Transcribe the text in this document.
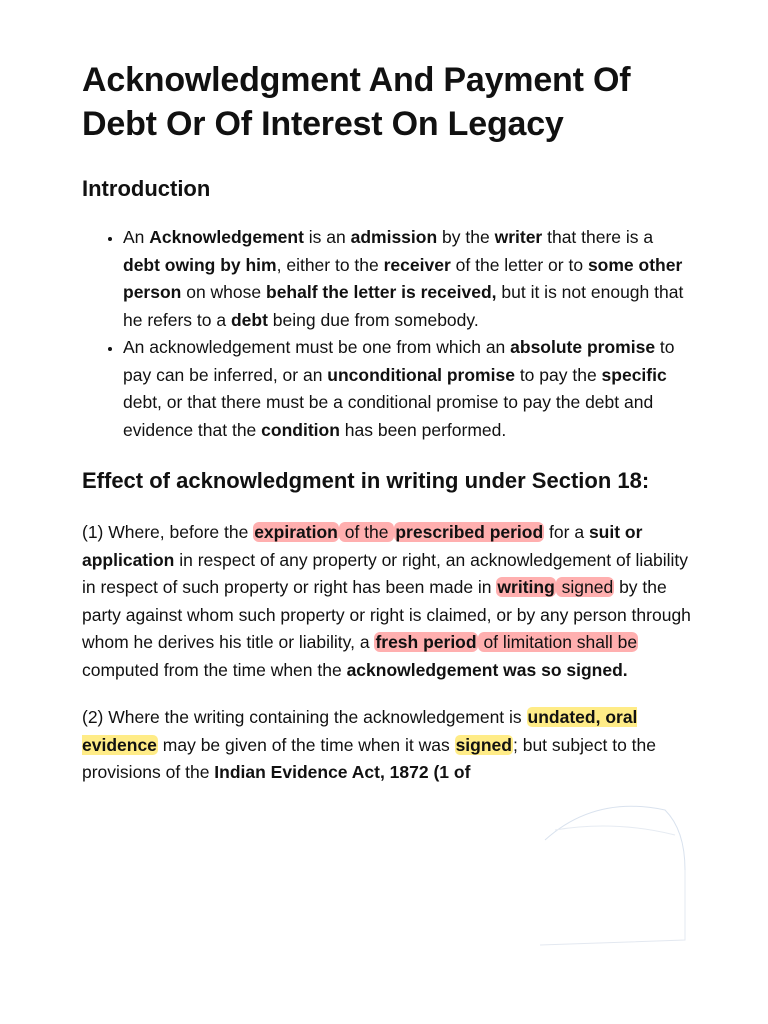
Acknowledgment And Payment Of Debt Or Of Interest On Legacy
Introduction
• An Acknowledgement is an admission by the writer that there is a debt owing by him, either to the receiver of the letter or to some other person on whose behalf the letter is received, but it is not enough that he refers to a debt being due from somebody.
• An acknowledgement must be one from which an absolute promise to pay can be inferred, or an unconditional promise to pay the specific debt, or that there must be a conditional promise to pay the debt and evidence that the condition has been performed.
Effect of acknowledgment in writing under Section 18:

(1) Where, before the expiration of the prescribed period for a suit or application in respect of any property or right, an acknowledgement of liability in respect of such property or right has been made in writing signed by the party against whom such property or right is claimed, or by any person through whom he derives his title or liability, a fresh period of limitation shall be computed from the time when the acknowledgement was so signed.

(2) Where the writing containing the acknowledgement is undated, oral evidence may be given of the time when it was signed; but subject to the provisions of the Indian Evidence Act, 1872 (1 of
